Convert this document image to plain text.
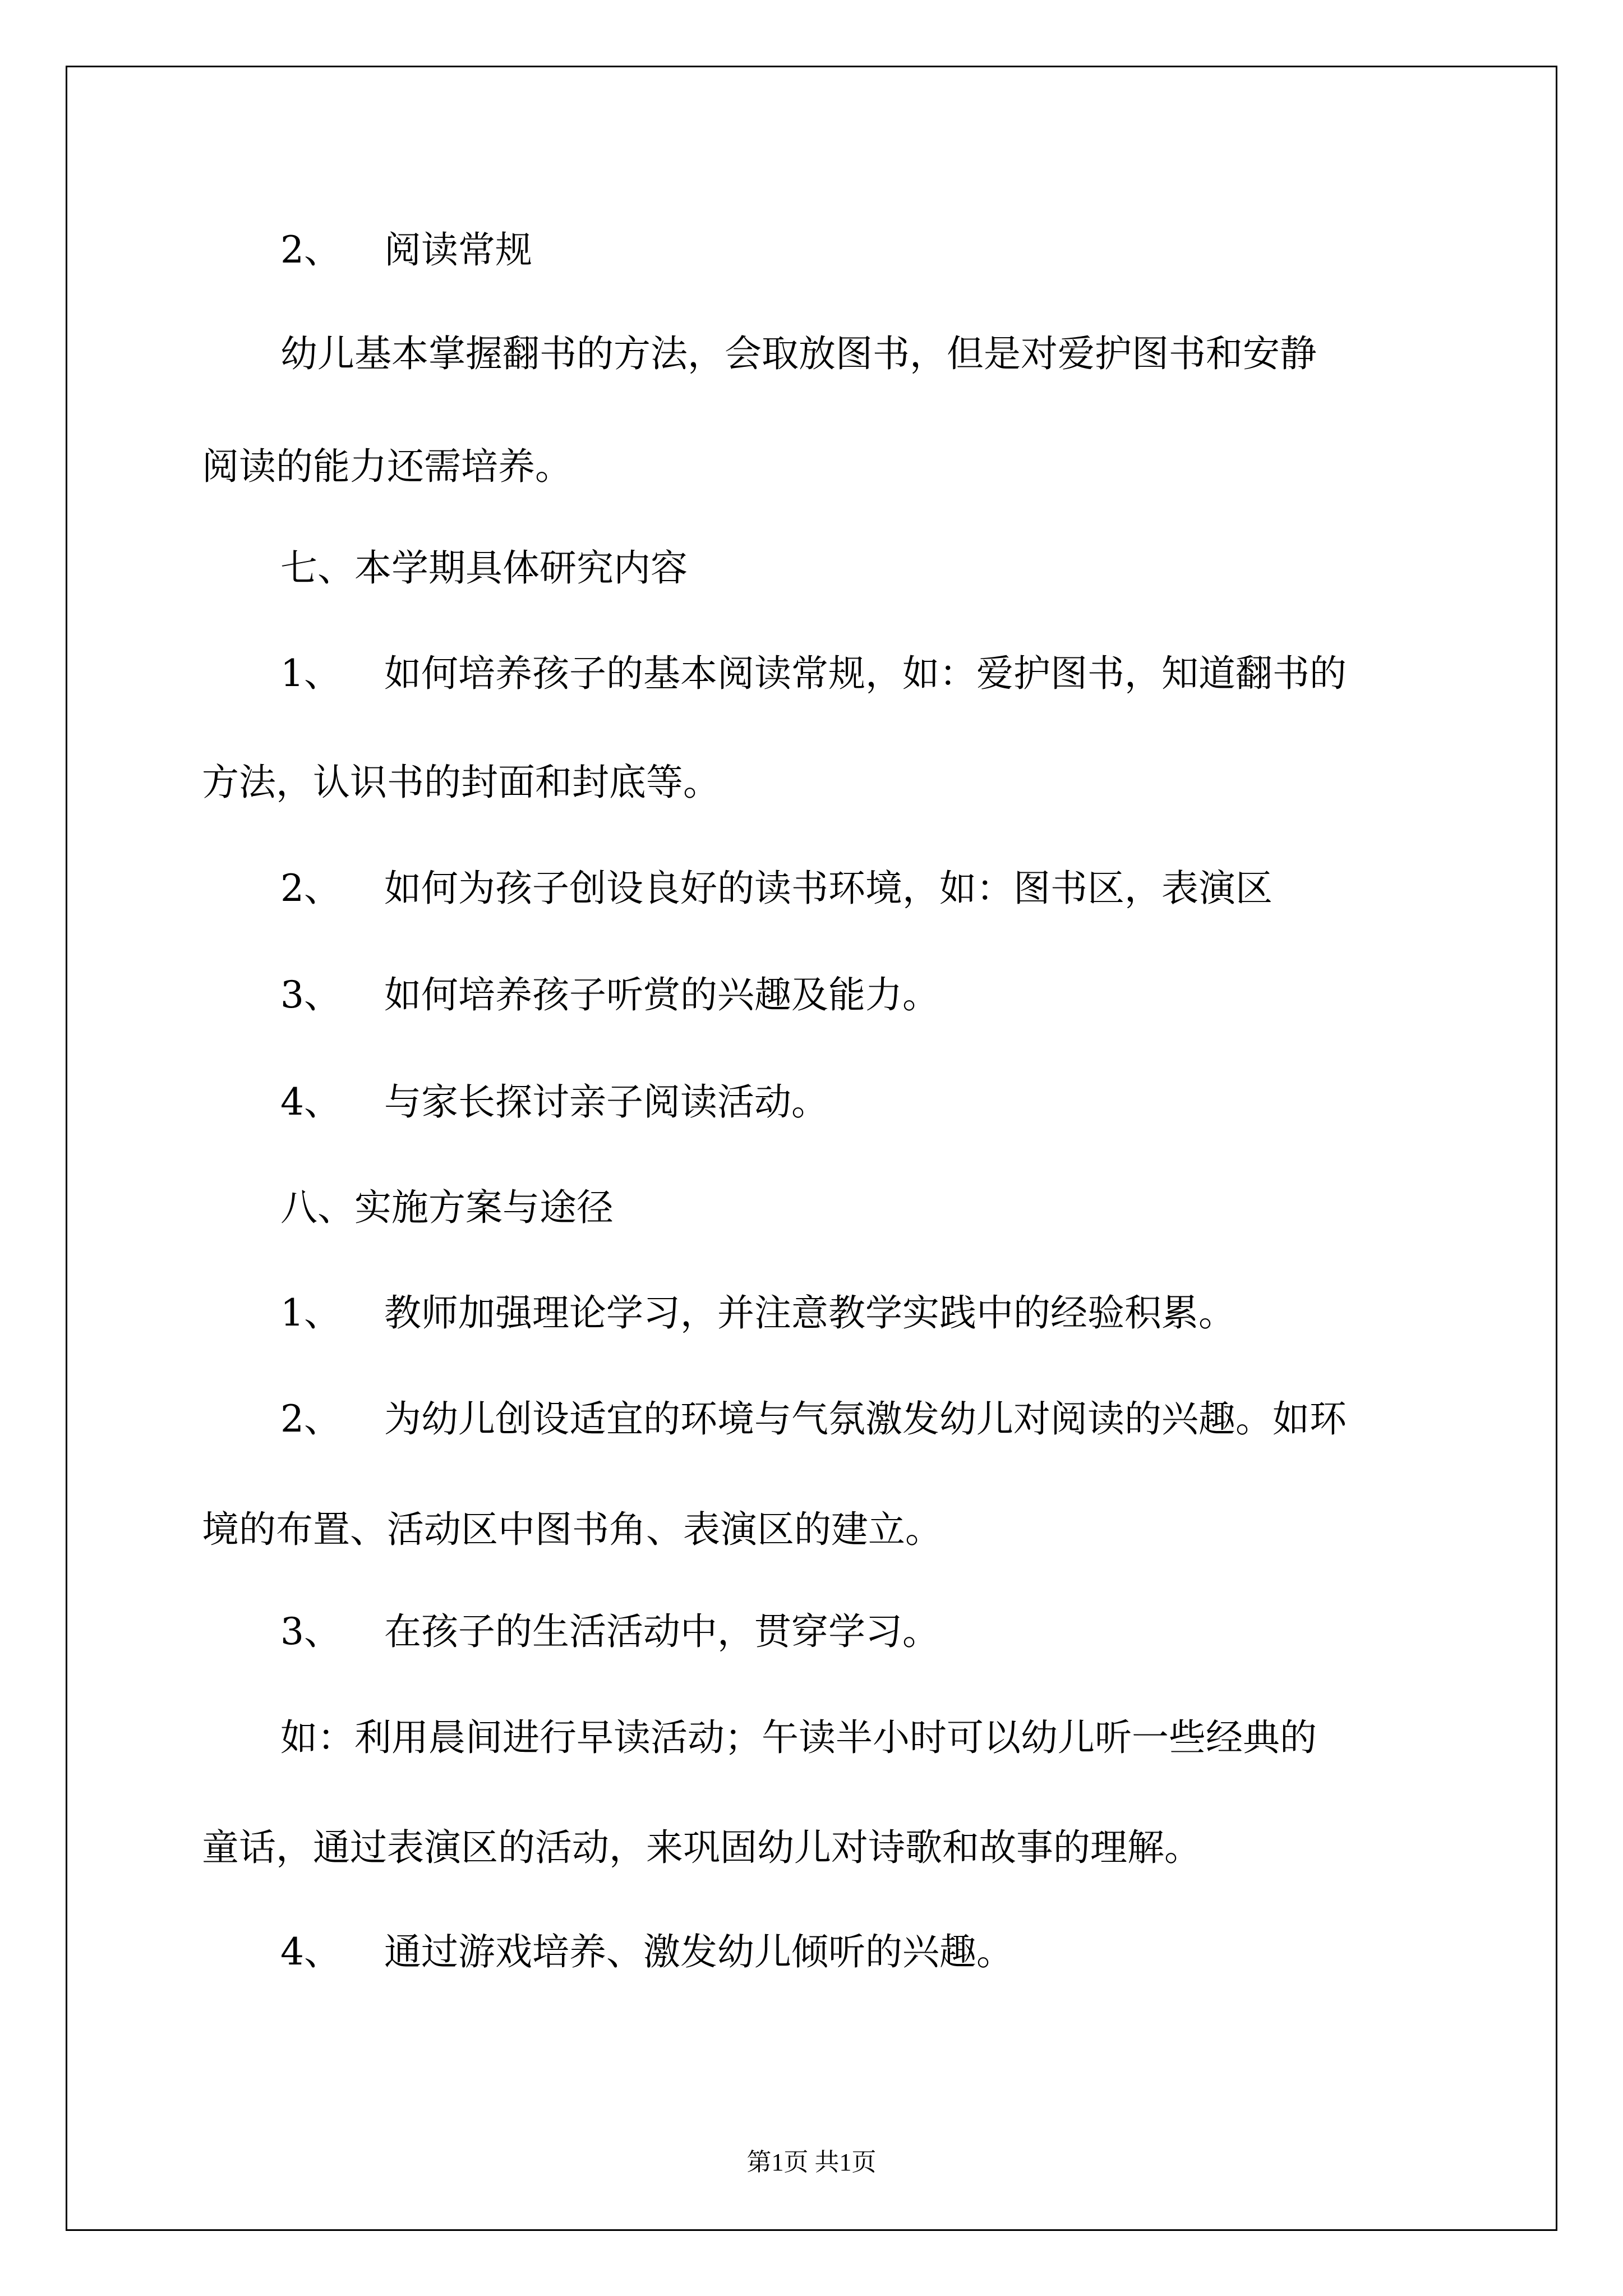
2、 阅读常规

幼儿基本掌握翻书的方法，会取放图书，但是对爱护图书和安静

阅读的能力还需培养。

七、本学期具体研究内容

1、 如何培养孩子的基本阅读常规，如：爱护图书，知道翻书的

方法，认识书的封面和封底等。

2、 如何为孩子创设良好的读书环境，如：图书区，表演区
3、 如何培养孩子听赏的兴趣及能力。
4、 与家长探讨亲子阅读活动。

八、实施方案与途径

1、 教师加强理论学习，并注意教学实践中的经验积累。
2、 为幼儿创设适宜的环境与气氛激发幼儿对阅读的兴趣。如环

境的布置、活动区中图书角、表演区的建立。

3、 在孩子的生活活动中，贯穿学习。

如：利用晨间进行早读活动；午读半小时可以幼儿听一些经典的

童话，通过表演区的活动，来巩固幼儿对诗歌和故事的理解。

4、 通过游戏培养、激发幼儿倾听的兴趣。
第1页 共1页
